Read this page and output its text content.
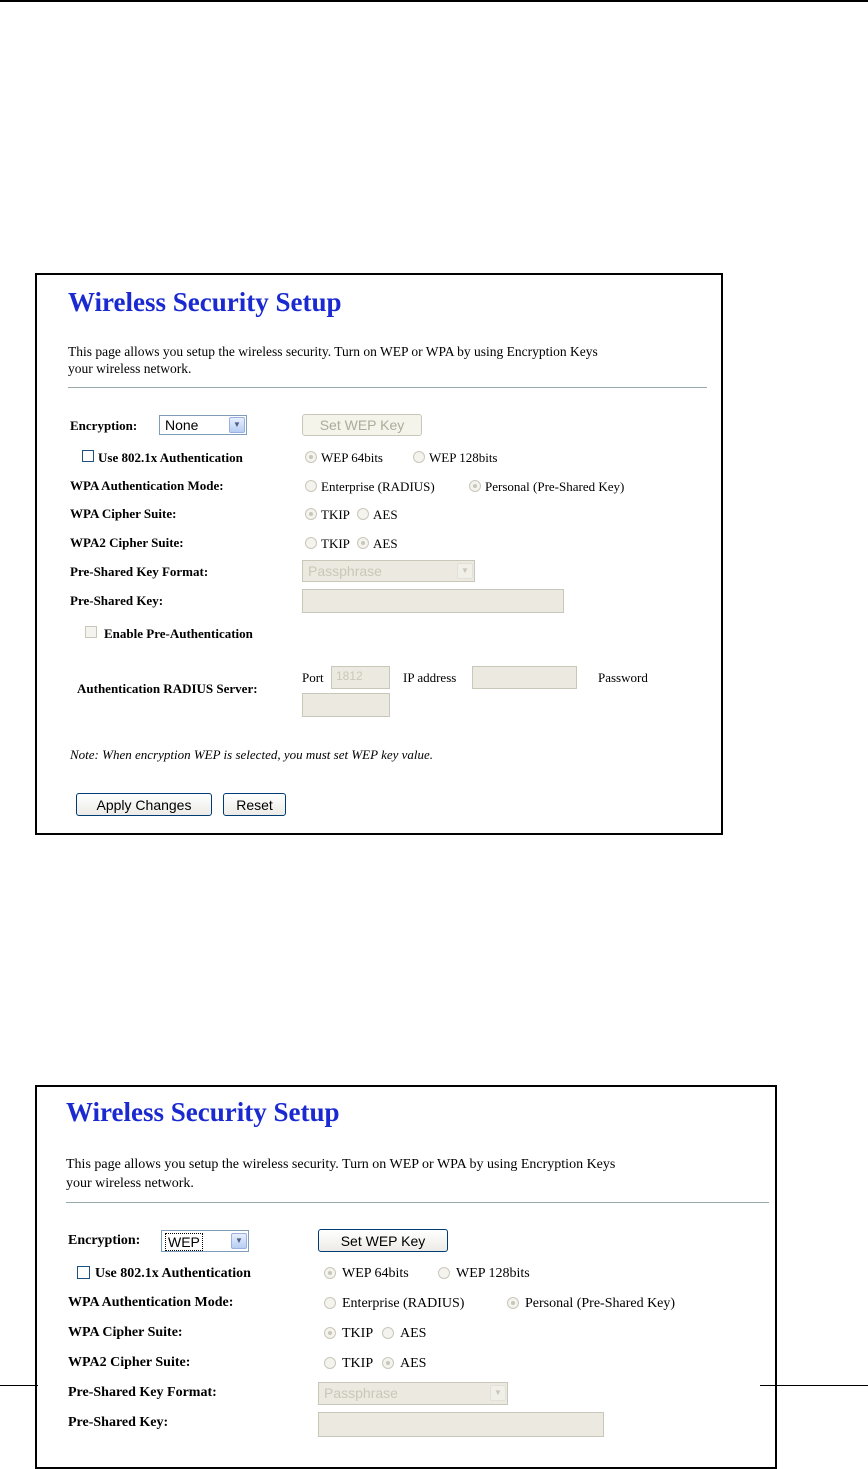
Wireless Security Setup
This page allows you setup the wireless security. Turn on WEP or WPA by using Encryption Keys
your wireless network.
Encryption: None	▼	Set WEP Key
Use 802.1x Authentication	WEP 64bits	WEP 128bits
WPA Authentication Mode:	Enterprise (RADIUS)	Personal (Pre-Shared Key)
WPA Cipher Suite:	TKIP AES
WPA2 Cipher Suite:	TKIP AES
Pre-Shared Key Format:	Passphrase	▼
Pre-Shared Key:
Enable Pre-Authentication
Authentication RADIUS Server:
Port	1812	IP address	Password
Note: When encryption WEP is selected, you must set WEP key value.
Apply Changes	Reset
Wireless Security Setup
This page allows you setup the wireless security. Turn on WEP or WPA by using Encryption Keys
your wireless network.
Encryption: WEP	▼	Set WEP Key
Use 802.1x Authentication	WEP 64bits	WEP 128bits
WPA Authentication Mode:	Enterprise (RADIUS)	Personal (Pre-Shared Key)
WPA Cipher Suite:	TKIP AES
WPA2 Cipher Suite:	TKIP AES
Pre-Shared Key Format:	Passphrase	▼
Pre-Shared Key:
